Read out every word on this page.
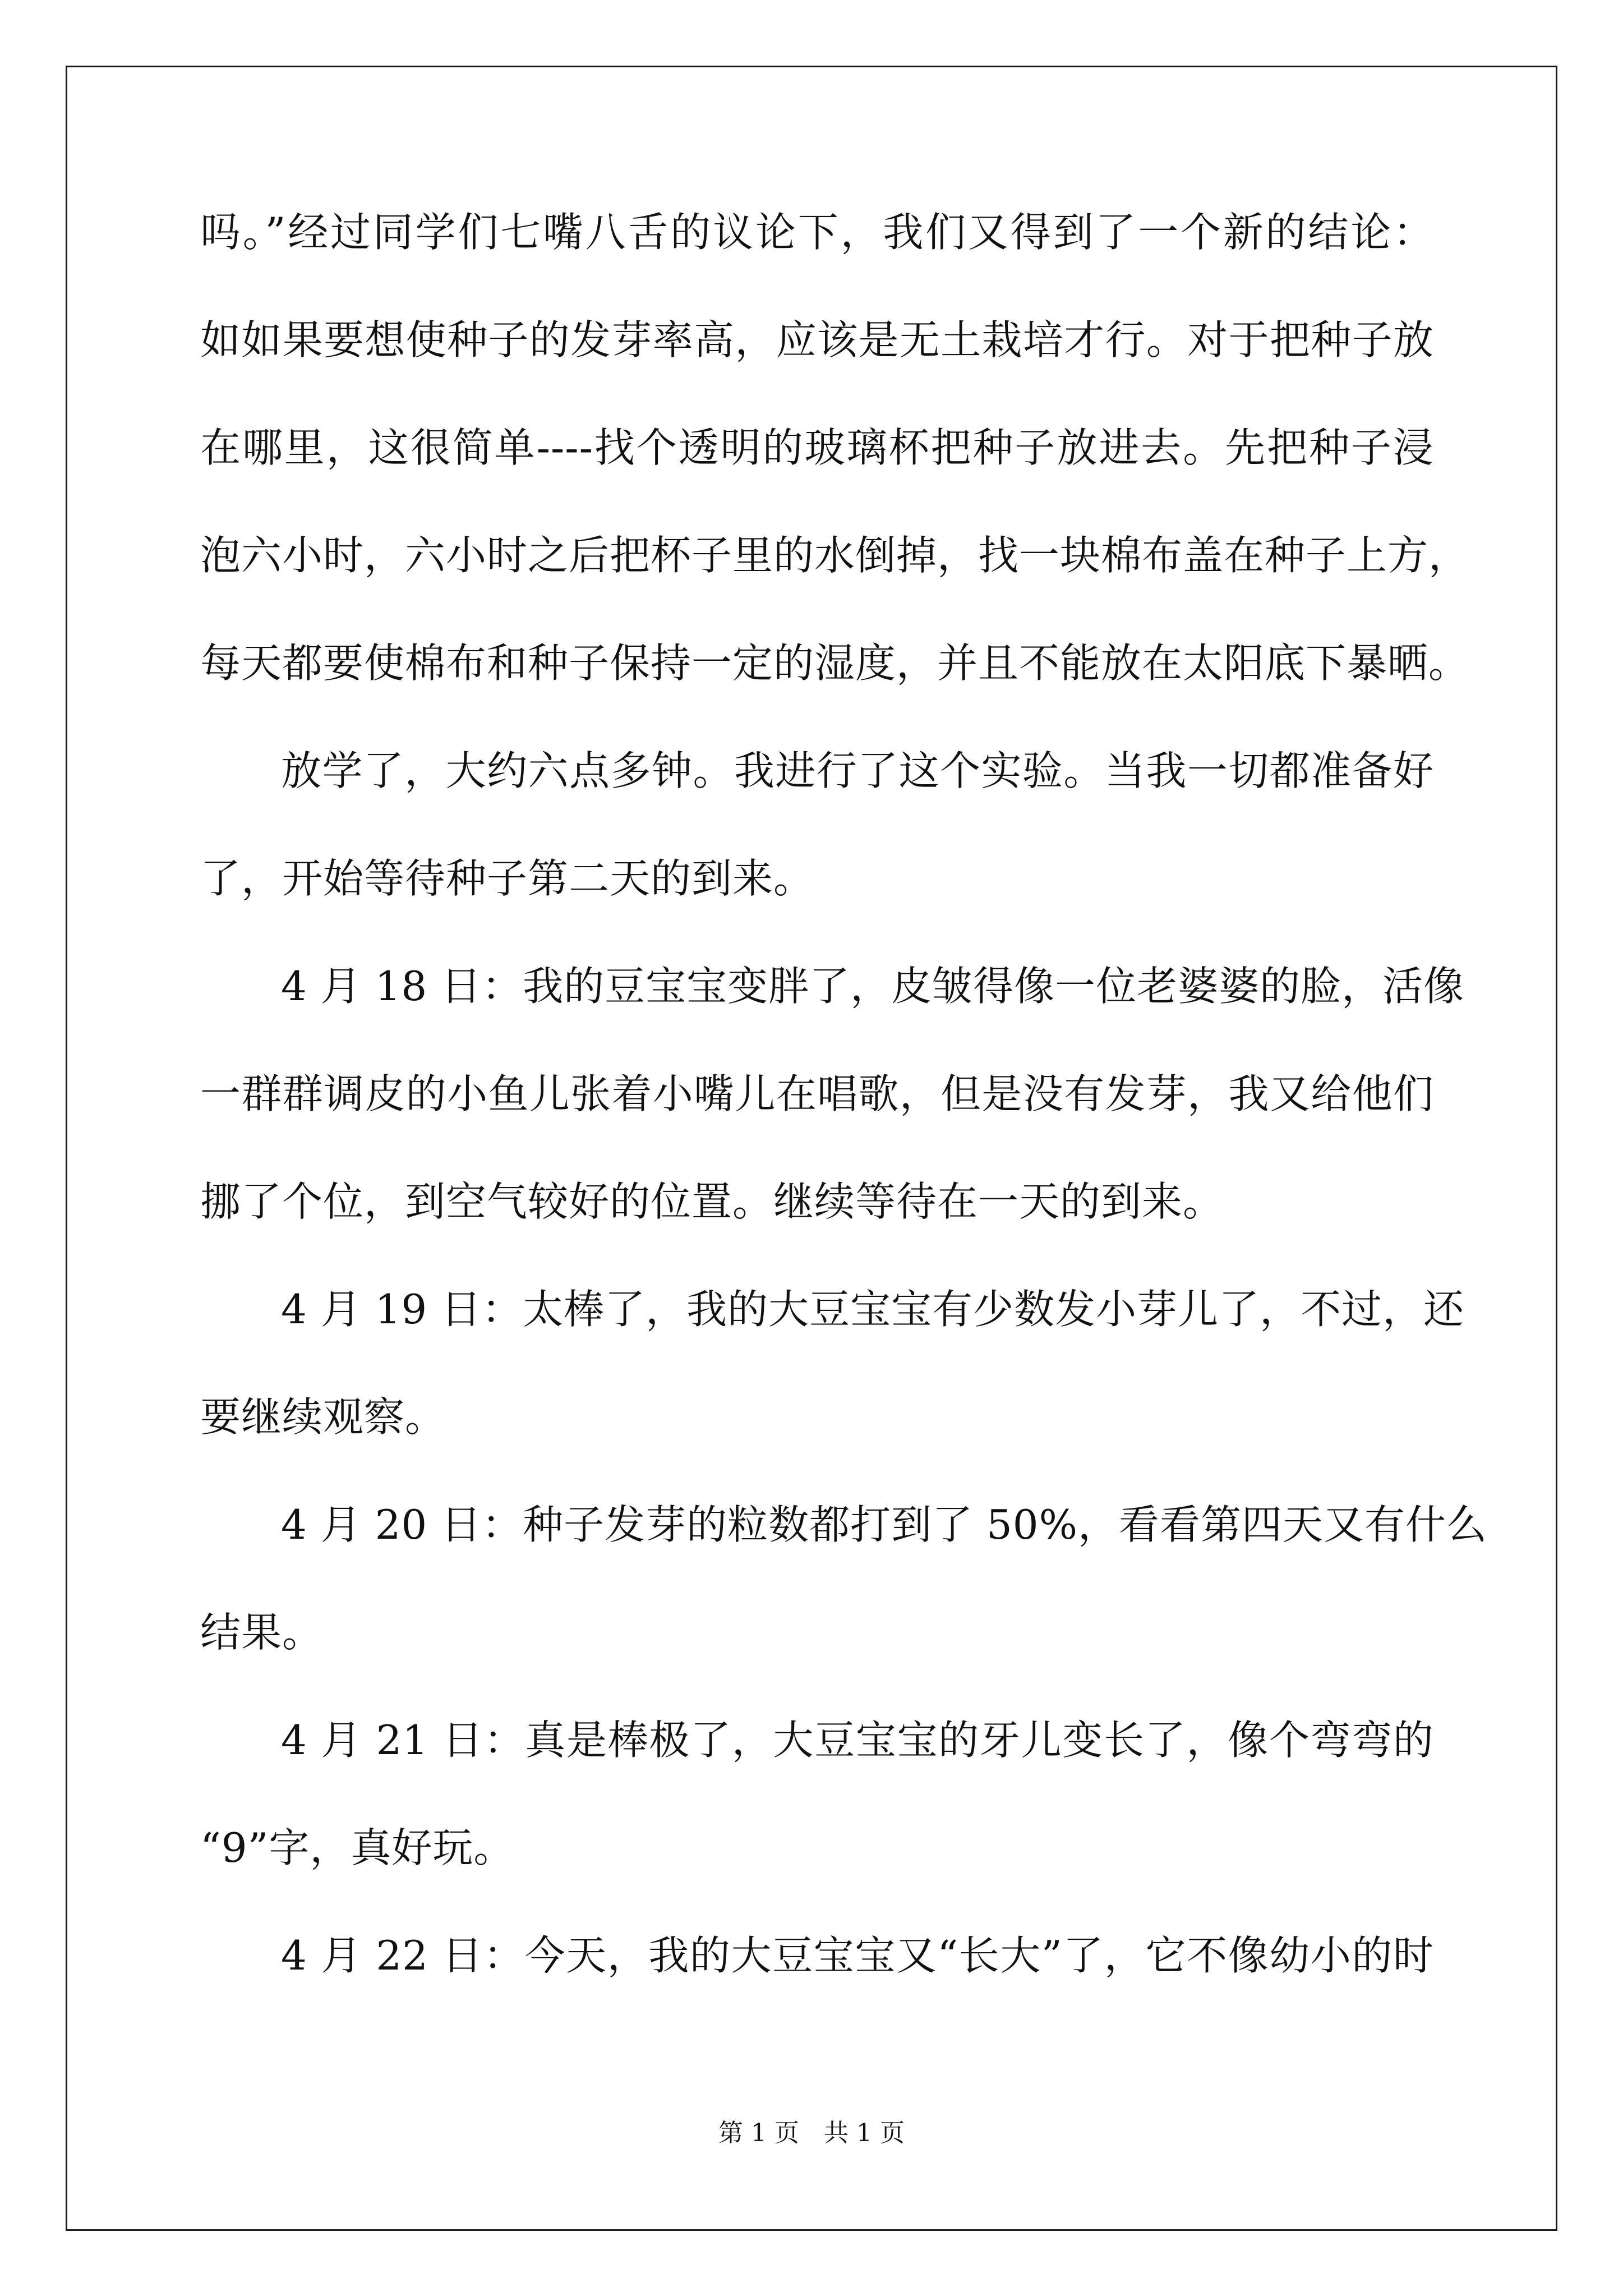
吗。”经过同学们七嘴八舌的议论下，我们又得到了一个新的结论：
如如果要想使种子的发芽率高，应该是无土栽培才行。对于把种子放
在哪里，这很简单----找个透明的玻璃杯把种子放进去。先把种子浸
泡六小时，六小时之后把杯子里的水倒掉，找一块棉布盖在种子上方，
每天都要使棉布和种子保持一定的湿度，并且不能放在太阳底下暴晒。
放学了，大约六点多钟。我进行了这个实验。当我一切都准备好
了，开始等待种子第二天的到来。
4 月 18 日：我的豆宝宝变胖了，皮皱得像一位老婆婆的脸，活像
一群群调皮的小鱼儿张着小嘴儿在唱歌，但是没有发芽，我又给他们
挪了个位，到空气较好的位置。继续等待在一天的到来。
4 月 19 日：太棒了，我的大豆宝宝有少数发小芽儿了，不过，还
要继续观察。
4 月 20 日：种子发芽的粒数都打到了 50%，看看第四天又有什么
结果。
4 月 21 日：真是棒极了，大豆宝宝的牙儿变长了，像个弯弯的
“9”字，真好玩。
4 月 22 日：今天，我的大豆宝宝又“长大”了，它不像幼小的时
第 1 页　共 1 页
